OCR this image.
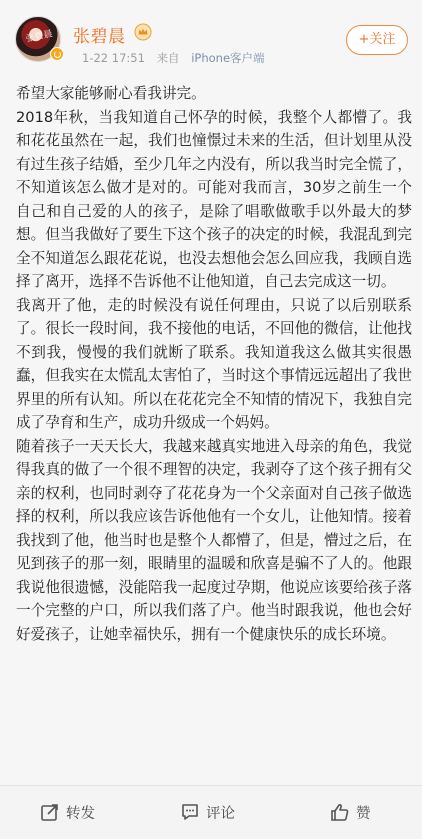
张碧晨	张碧晨
1-22 17:51 来自 iPhone客户端
+关注

希望大家能够耐心看我讲完。

2018年秋，当我知道自己怀孕的时候，我整个人都懵了。我和花花虽然在一起，我们也憧憬过未来的生活，但计划里从没有过生孩子结婚，至少几年之内没有，所以我当时完全慌了，不知道该怎么做才是对的。可能对我而言，30岁之前生一个自己和自己爱的人的孩子，是除了唱歌做歌手以外最大的梦想。但当我做好了要生下这个孩子的决定的时候，我混乱到完全不知道怎么跟花花说，也没去想他会怎么回应我，我顾自选择了离开，选择不告诉他不让他知道，自己去完成这一切。

我离开了他，走的时候没有说任何理由，只说了以后别联系了。很长一段时间，我不接他的电话，不回他的微信，让他找不到我，慢慢的我们就断了联系。我知道我这么做其实很愚蠢，但我实在太慌乱太害怕了，当时这个事情远远超出了我世界里的所有认知。所以在花花完全不知情的情况下，我独自完成了孕育和生产，成功升级成一个妈妈。

随着孩子一天天长大，我越来越真实地进入母亲的角色，我觉得我真的做了一个很不理智的决定，我剥夺了这个孩子拥有父亲的权利，也同时剥夺了花花身为一个父亲面对自己孩子做选择的权利，所以我应该告诉他他有一个女儿，让他知情。接着我找到了他，他当时也是整个人都懵了，但是，懵过之后，在见到孩子的那一刻，眼睛里的温暖和欣喜是骗不了人的。他跟我说他很遗憾，没能陪我一起度过孕期，他说应该要给孩子落一个完整的户口，所以我们落了户。他当时跟我说，他也会好好爱孩子，让她幸福快乐，拥有一个健康快乐的成长环境。

转发	评论	赞
